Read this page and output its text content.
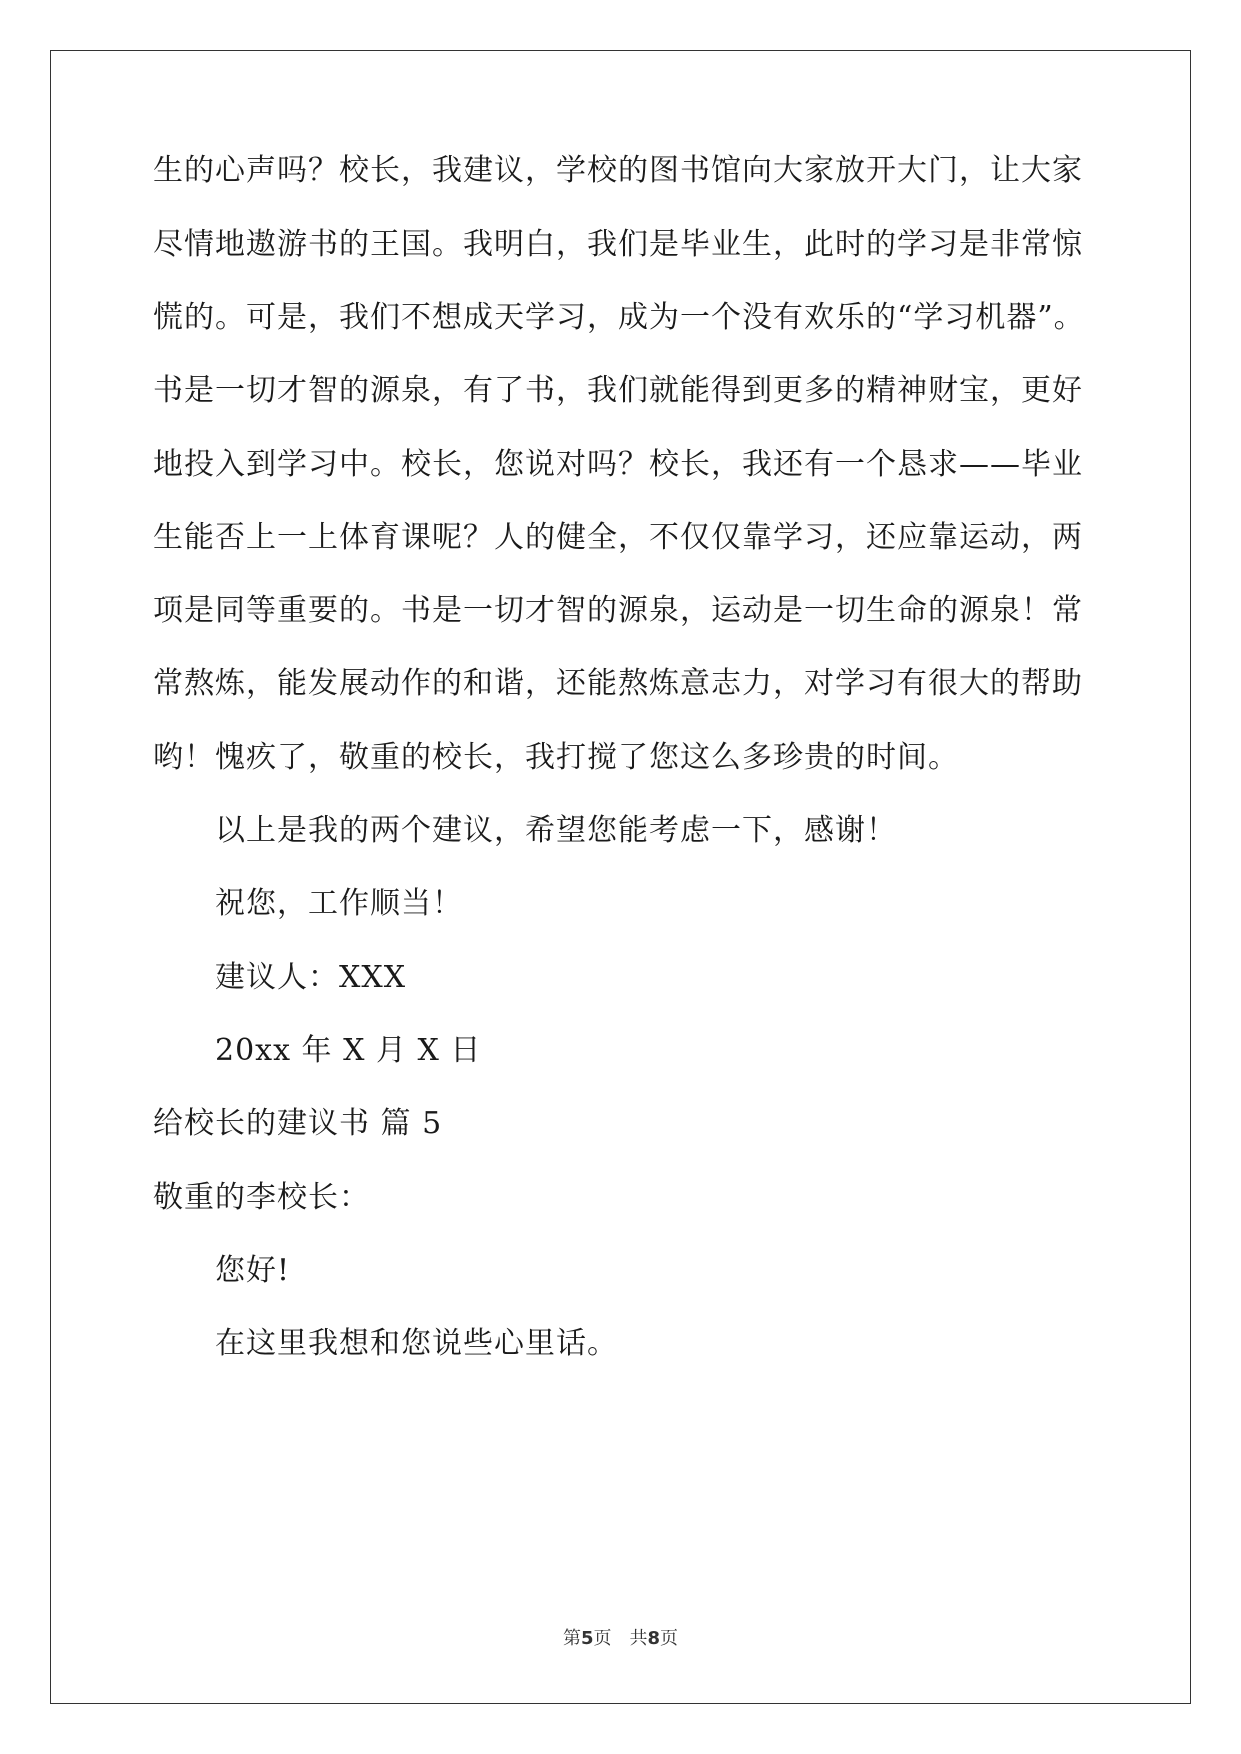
生的心声吗？校长，我建议，学校的图书馆向大家放开大门，让大家
尽情地遨游书的王国。我明白，我们是毕业生，此时的学习是非常惊
慌的。可是，我们不想成天学习，成为一个没有欢乐的“学习机器”。
书是一切才智的源泉，有了书，我们就能得到更多的精神财宝，更好
地投入到学习中。校长，您说对吗？校长，我还有一个恳求——毕业
生能否上一上体育课呢？人的健全，不仅仅靠学习，还应靠运动，两
项是同等重要的。书是一切才智的源泉，运动是一切生命的源泉！常
常熬炼，能发展动作的和谐，还能熬炼意志力，对学习有很大的帮助
哟！愧疚了，敬重的校长，我打搅了您这么多珍贵的时间。
以上是我的两个建议，希望您能考虑一下，感谢！
祝您，工作顺当！
建议人：XXX
20xx 年 X 月 X 日
给校长的建议书 篇 5
敬重的李校长：
您好!
在这里我想和您说些心里话。
第5页 共8页
